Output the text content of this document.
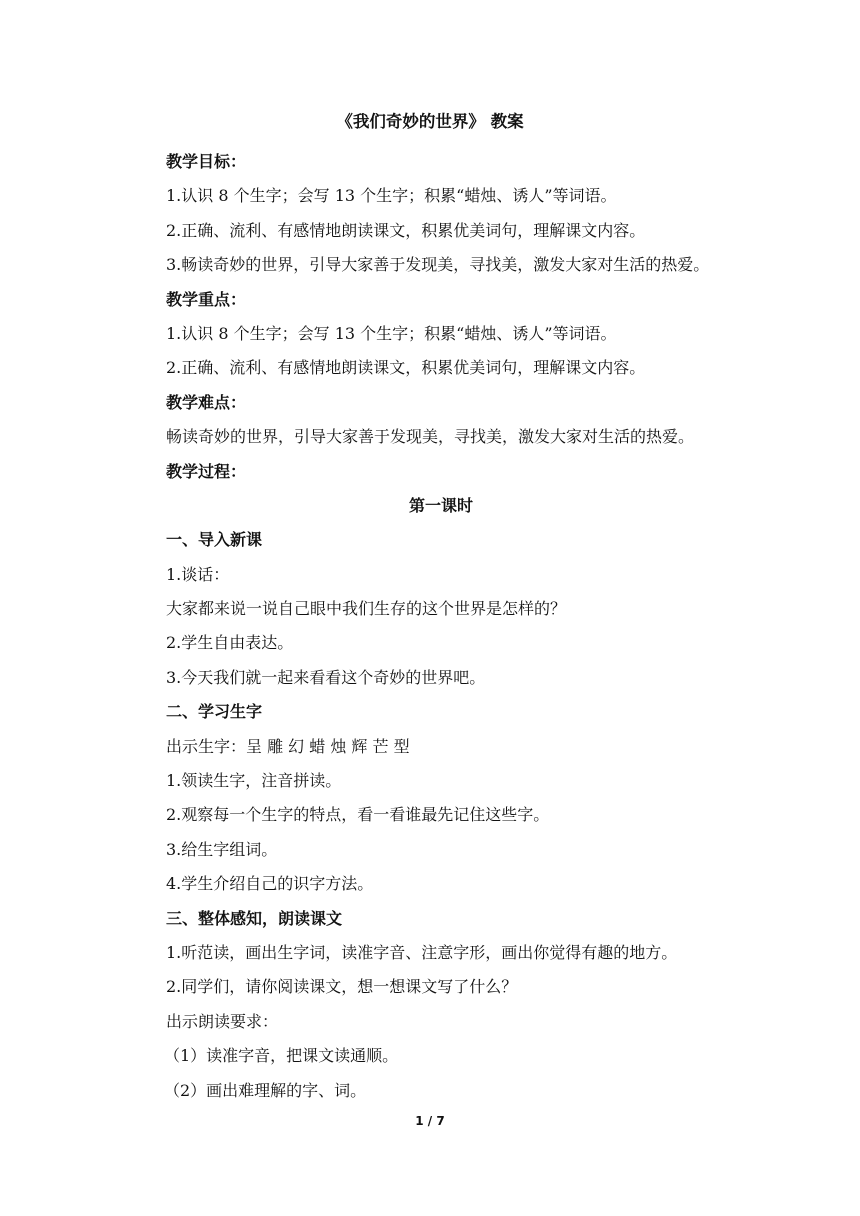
《我们奇妙的世界》 教案
教学目标：
1.认识 8 个生字；会写 13 个生字；积累“蜡烛、诱人”等词语。
2.正确、流利、有感情地朗读课文，积累优美词句，理解课文内容。
3.畅读奇妙的世界，引导大家善于发现美，寻找美，激发大家对生活的热爱。
教学重点：
1.认识 8 个生字；会写 13 个生字；积累“蜡烛、诱人”等词语。
2.正确、流利、有感情地朗读课文，积累优美词句，理解课文内容。
教学难点：
畅读奇妙的世界，引导大家善于发现美，寻找美，激发大家对生活的热爱。
教学过程：
第一课时
一、导入新课
1.谈话：
大家都来说一说自己眼中我们生存的这个世界是怎样的？
2.学生自由表达。
3.今天我们就一起来看看这个奇妙的世界吧。
二、学习生字
出示生字：呈 雕 幻 蜡 烛 辉 芒 型
1.领读生字，注音拼读。
2.观察每一个生字的特点，看一看谁最先记住这些字。
3.给生字组词。
4.学生介绍自己的识字方法。
三、整体感知，朗读课文
1.听范读，画出生字词，读准字音、注意字形，画出你觉得有趣的地方。
2.同学们，请你阅读课文，想一想课文写了什么？
出示朗读要求：
（1）读准字音，把课文读通顺。
（2）画出难理解的字、词。
1 / 7
